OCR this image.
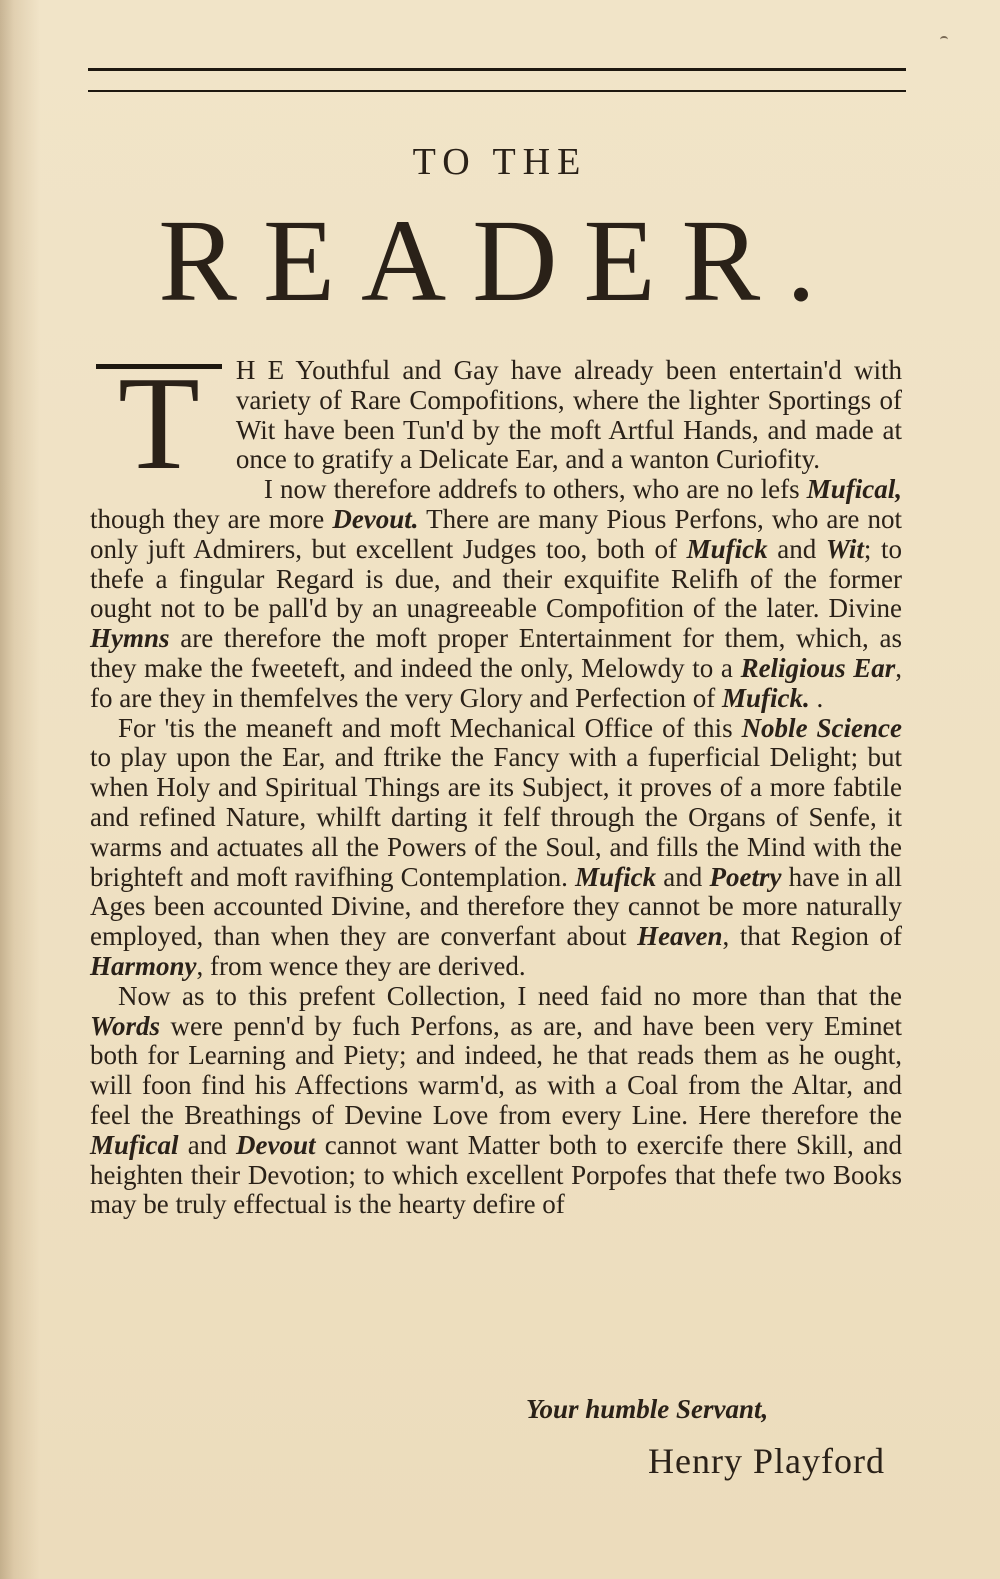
TO THE
READER.

T	H E Youthful and Gay have already been entertain'd with variety of Rare Compofitions, where the lighter Sportings of Wit have been Tun'd by the moft Artful Hands, and made at once to gratify a Delicate Ear, and a wanton Curiofity.

I now therefore addrefs to others, who are no lefs Mufical, though they are more Devout. There are many Pious Perfons, who are not only juft Admirers, but excellent Judges too, both of Mufick and Wit; to thefe a fingular Regard is due, and their exquifite Relifh of the former ought not to be pall'd by an unagreeable Compofition of the later. Divine Hymns are therefore the moft proper Entertainment for them, which, as they make the fweeteft, and indeed the only, Melowdy to a Religious Ear, fo are they in themfelves the very Glory and Perfection of Mufick. .

For 'tis the meaneft and moft Mechanical Office of this Noble Science to play upon the Ear, and ftrike the Fancy with a fuperficial Delight; but when Holy and Spiritual Things are its Subject, it proves of a more fabtile and refined Nature, whilft darting it felf through the Organs of Senfe, it warms and actuates all the Powers of the Soul, and fills the Mind with the brighteft and moft ravifhing Contemplation. Mufick and Poetry have in all Ages been accounted Divine, and therefore they cannot be more naturally employed, than when they are converfant about Heaven, that Region of Harmony, from wence they are derived.

Now as to this prefent Collection, I need faid no more than that the Words were penn'd by fuch Perfons, as are, and have been very Eminet both for Learning and Piety; and indeed, he that reads them as he ought, will foon find his Affections warm'd, as with a Coal from the Altar, and feel the Breathings of Devine Love from every Line. Here therefore the Mufical and Devout cannot want Matter both to exercife there Skill, and heighten their Devotion; to which excellent Porpofes that thefe two Books may be truly effectual is the hearty defire of

Your humble Servant,
Henry Playford
